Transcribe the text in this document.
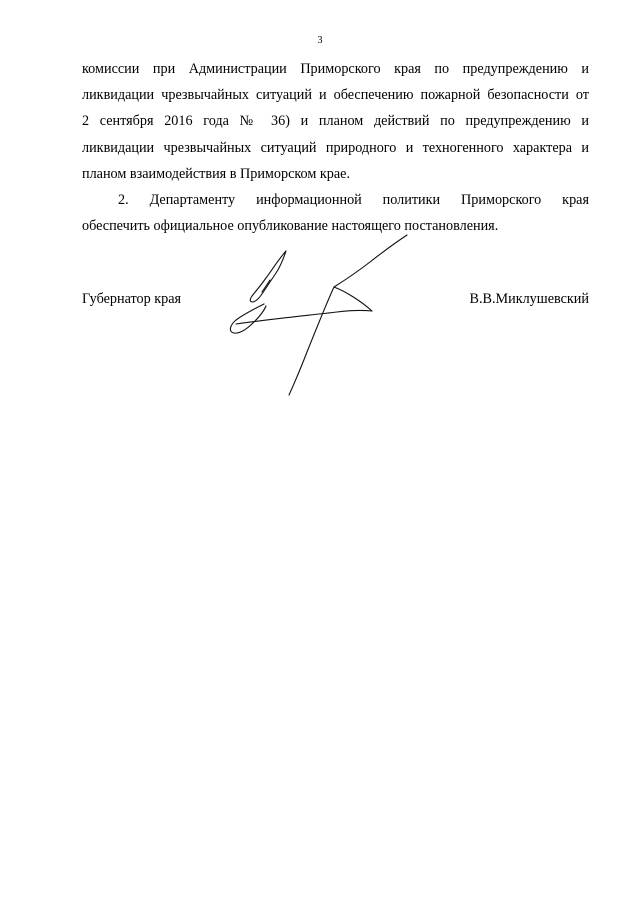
3
комиссии при Администрации Приморского края по предупреждению и
ликвидации чрезвычайных ситуаций и обеспечению пожарной безопасности от
2 сентября 2016 года № 36) и планом действий по предупреждению и
ликвидации чрезвычайных ситуаций природного и техногенного характера и
планом взаимодействия в Приморском крае.
2. Департаменту информационной политики Приморского края
обеспечить официальное опубликование настоящего постановления.
Губернатор края	В.В.Миклушевский
